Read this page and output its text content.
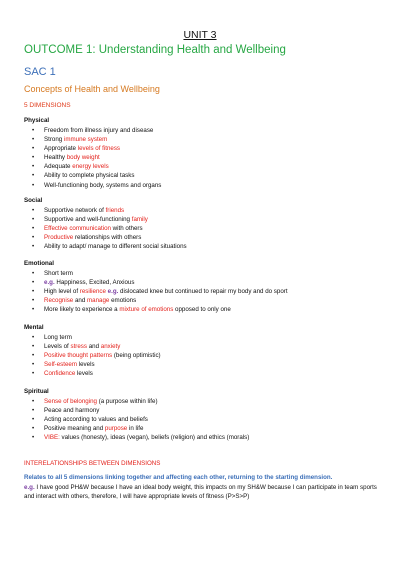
UNIT 3
OUTCOME 1: Understanding Health and Wellbeing
SAC 1
Concepts of Health and Wellbeing
5 DIMENSIONS
Physical
• Freedom from illness injury and disease
• Strong immune system
• Appropriate levels of fitness
• Healthy body weight
• Adequate energy levels
• Ability to complete physical tasks
• Well-functioning body, systems and organs
Social
• Supportive network of friends
• Supportive and well-functioning family
• Effective communication with others
• Productive relationships with others
• Ability to adapt/ manage to different social situations
Emotional
• Short term
• e.g. Happiness, Excited, Anxious
• High level of resilience e.g. dislocated knee but continued to repair my body and do sport
• Recognise and manage emotions
• More likely to experience a mixture of emotions opposed to only one
Mental
• Long term
• Levels of stress and anxiety
• Positive thought patterns (being optimistic)
• Self-esteem levels
• Confidence levels
Spiritual
• Sense of belonging (a purpose within life)
• Peace and harmony
• Acting according to values and beliefs
• Positive meaning and purpose in life
• VIBE: values (honesty), ideas (vegan), beliefs (religion) and ethics (morals)
INTERELATIONSHIPS BETWEEN DIMENSIONS
Relates to all 5 dimensions linking together and affecting each other, returning to the starting dimension.
e.g. I have good PH&W because I have an ideal body weight, this impacts on my SH&W because I can participate in team sports and interact with others, therefore, I will have appropriate levels of fitness (P>S>P)
